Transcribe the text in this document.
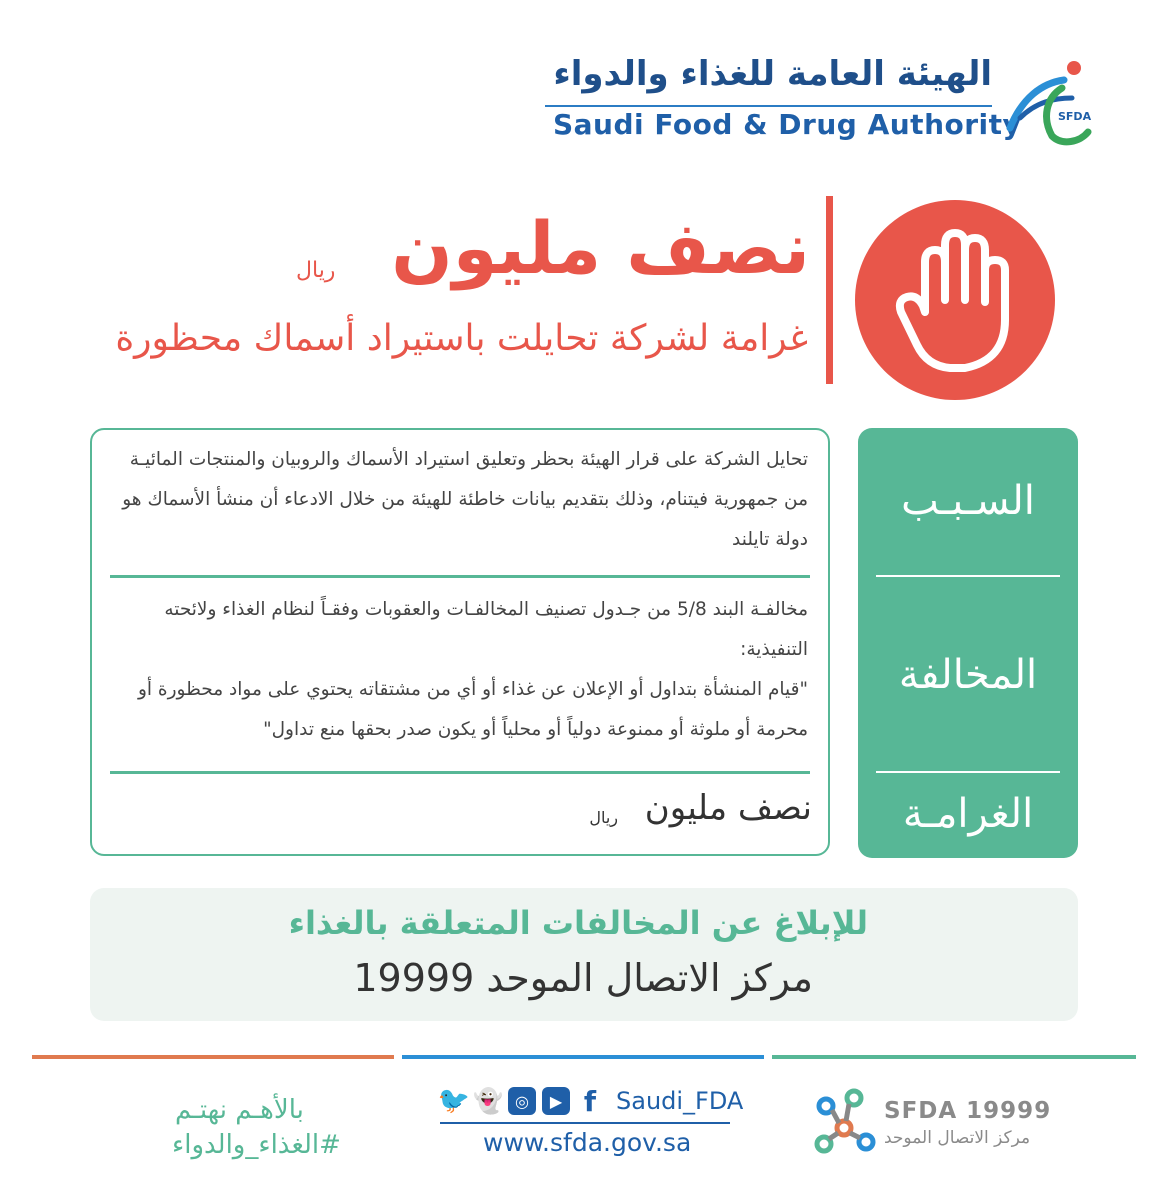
الهيئة العامة للغذاء والدواء
Saudi Food & Drug Authority	SFDA
نصف مليون
ريال
غرامة لشركة تحايلت باستيراد أسماك محظورة
السـبـب
المخالفة
الغرامـة
تحايل الشركة على قرار الهيئة بحظر وتعليق استيراد الأسماك والروبيان والمنتجات المائيـة من جمهورية فيتنام، وذلك بتقديم بيانات خاطئة للهيئة من خلال الادعاء أن منشأ الأسماك هو دولة تايلند
مخالفـة البند 5/8 من جـدول تصنيف المخالفـات والعقوبات وفقـاً لنظام الغذاء ولائحته التنفيذية:
"قيام المنشأة بتداول أو الإعلان عن غذاء أو أي من مشتقاته يحتوي على مواد محظورة أو محرمة أو ملوثة أو ممنوعة دولياً أو محلياً أو يكون صدر بحقها منع تداول"
نصف مليون
ريال
للإبلاغ عن المخالفات المتعلقة بالغذاء
مركز الاتصال الموحد 19999
بالأهـم نهتـم
#الغذاء_والدواء
🐦 👻 ◎	▶ f Saudi_FDA
www.sfda.gov.sa
SFDA 19999
مركز الاتصال الموحد
